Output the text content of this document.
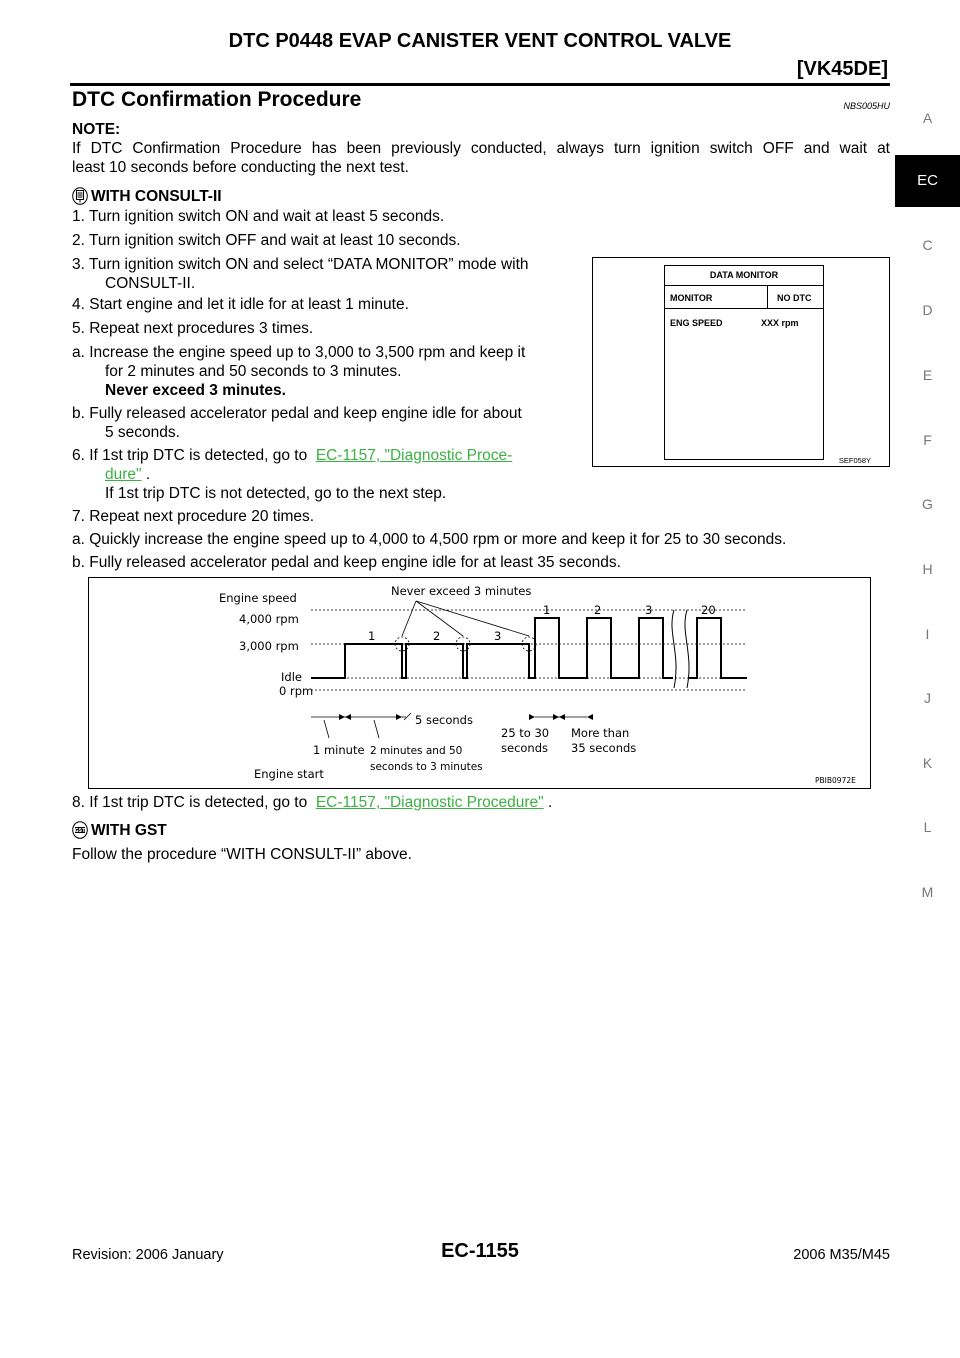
DTC P0448 EVAP CANISTER VENT CONTROL VALVE
[VK45DE]
DTC Confirmation Procedure	NBS005HU
NOTE:
If DTC Confirmation Procedure has been previously conducted, always turn ignition switch OFF and wait at
least 10 seconds before conducting the next test.
WITH CONSULT-II
1. Turn ignition switch ON and wait at least 5 seconds.
2. Turn ignition switch OFF and wait at least 10 seconds.
3. Turn ignition switch ON and select “DATA MONITOR” mode with
CONSULT-II.
4. Start engine and let it idle for at least 1 minute.
5. Repeat next procedures 3 times.
a. Increase the engine speed up to 3,000 to 3,500 rpm and keep it
for 2 minutes and 50 seconds to 3 minutes.
Never exceed 3 minutes.
b. Fully released accelerator pedal and keep engine idle for about
5 seconds.
6. If 1st trip DTC is detected, go to EC-1157, "Diagnostic Proce-
dure" .
If 1st trip DTC is not detected, go to the next step.
7. Repeat next procedure 20 times.
a. Quickly increase the engine speed up to 4,000 to 4,500 rpm or more and keep it for 25 to 30 seconds.
b. Fully released accelerator pedal and keep engine idle for at least 35 seconds.
DATA MONITOR
MONITOR	NO DTC
ENG SPEED	XXX rpm
SEF058Y
Engine speed
4,000 rpm
3,000 rpm
Idle
0 rpm
Never exceed 3 minutes
1	2	3
1	2	3	20
5 seconds
1 minute 2 minutes and 50
seconds to 3 minutes
25 to 30
seconds
More than
35 seconds
Engine start	PBIB0972E
8. If 1st trip DTC is detected, go to EC-1157, "Diagnostic Procedure" .
GST WITH GST
Follow the procedure “WITH CONSULT-II” above.
A
EC
C
D
E
F
G
H
I
J
K
L
M
Revision: 2006 January	EC-1155	2006 M35/M45
